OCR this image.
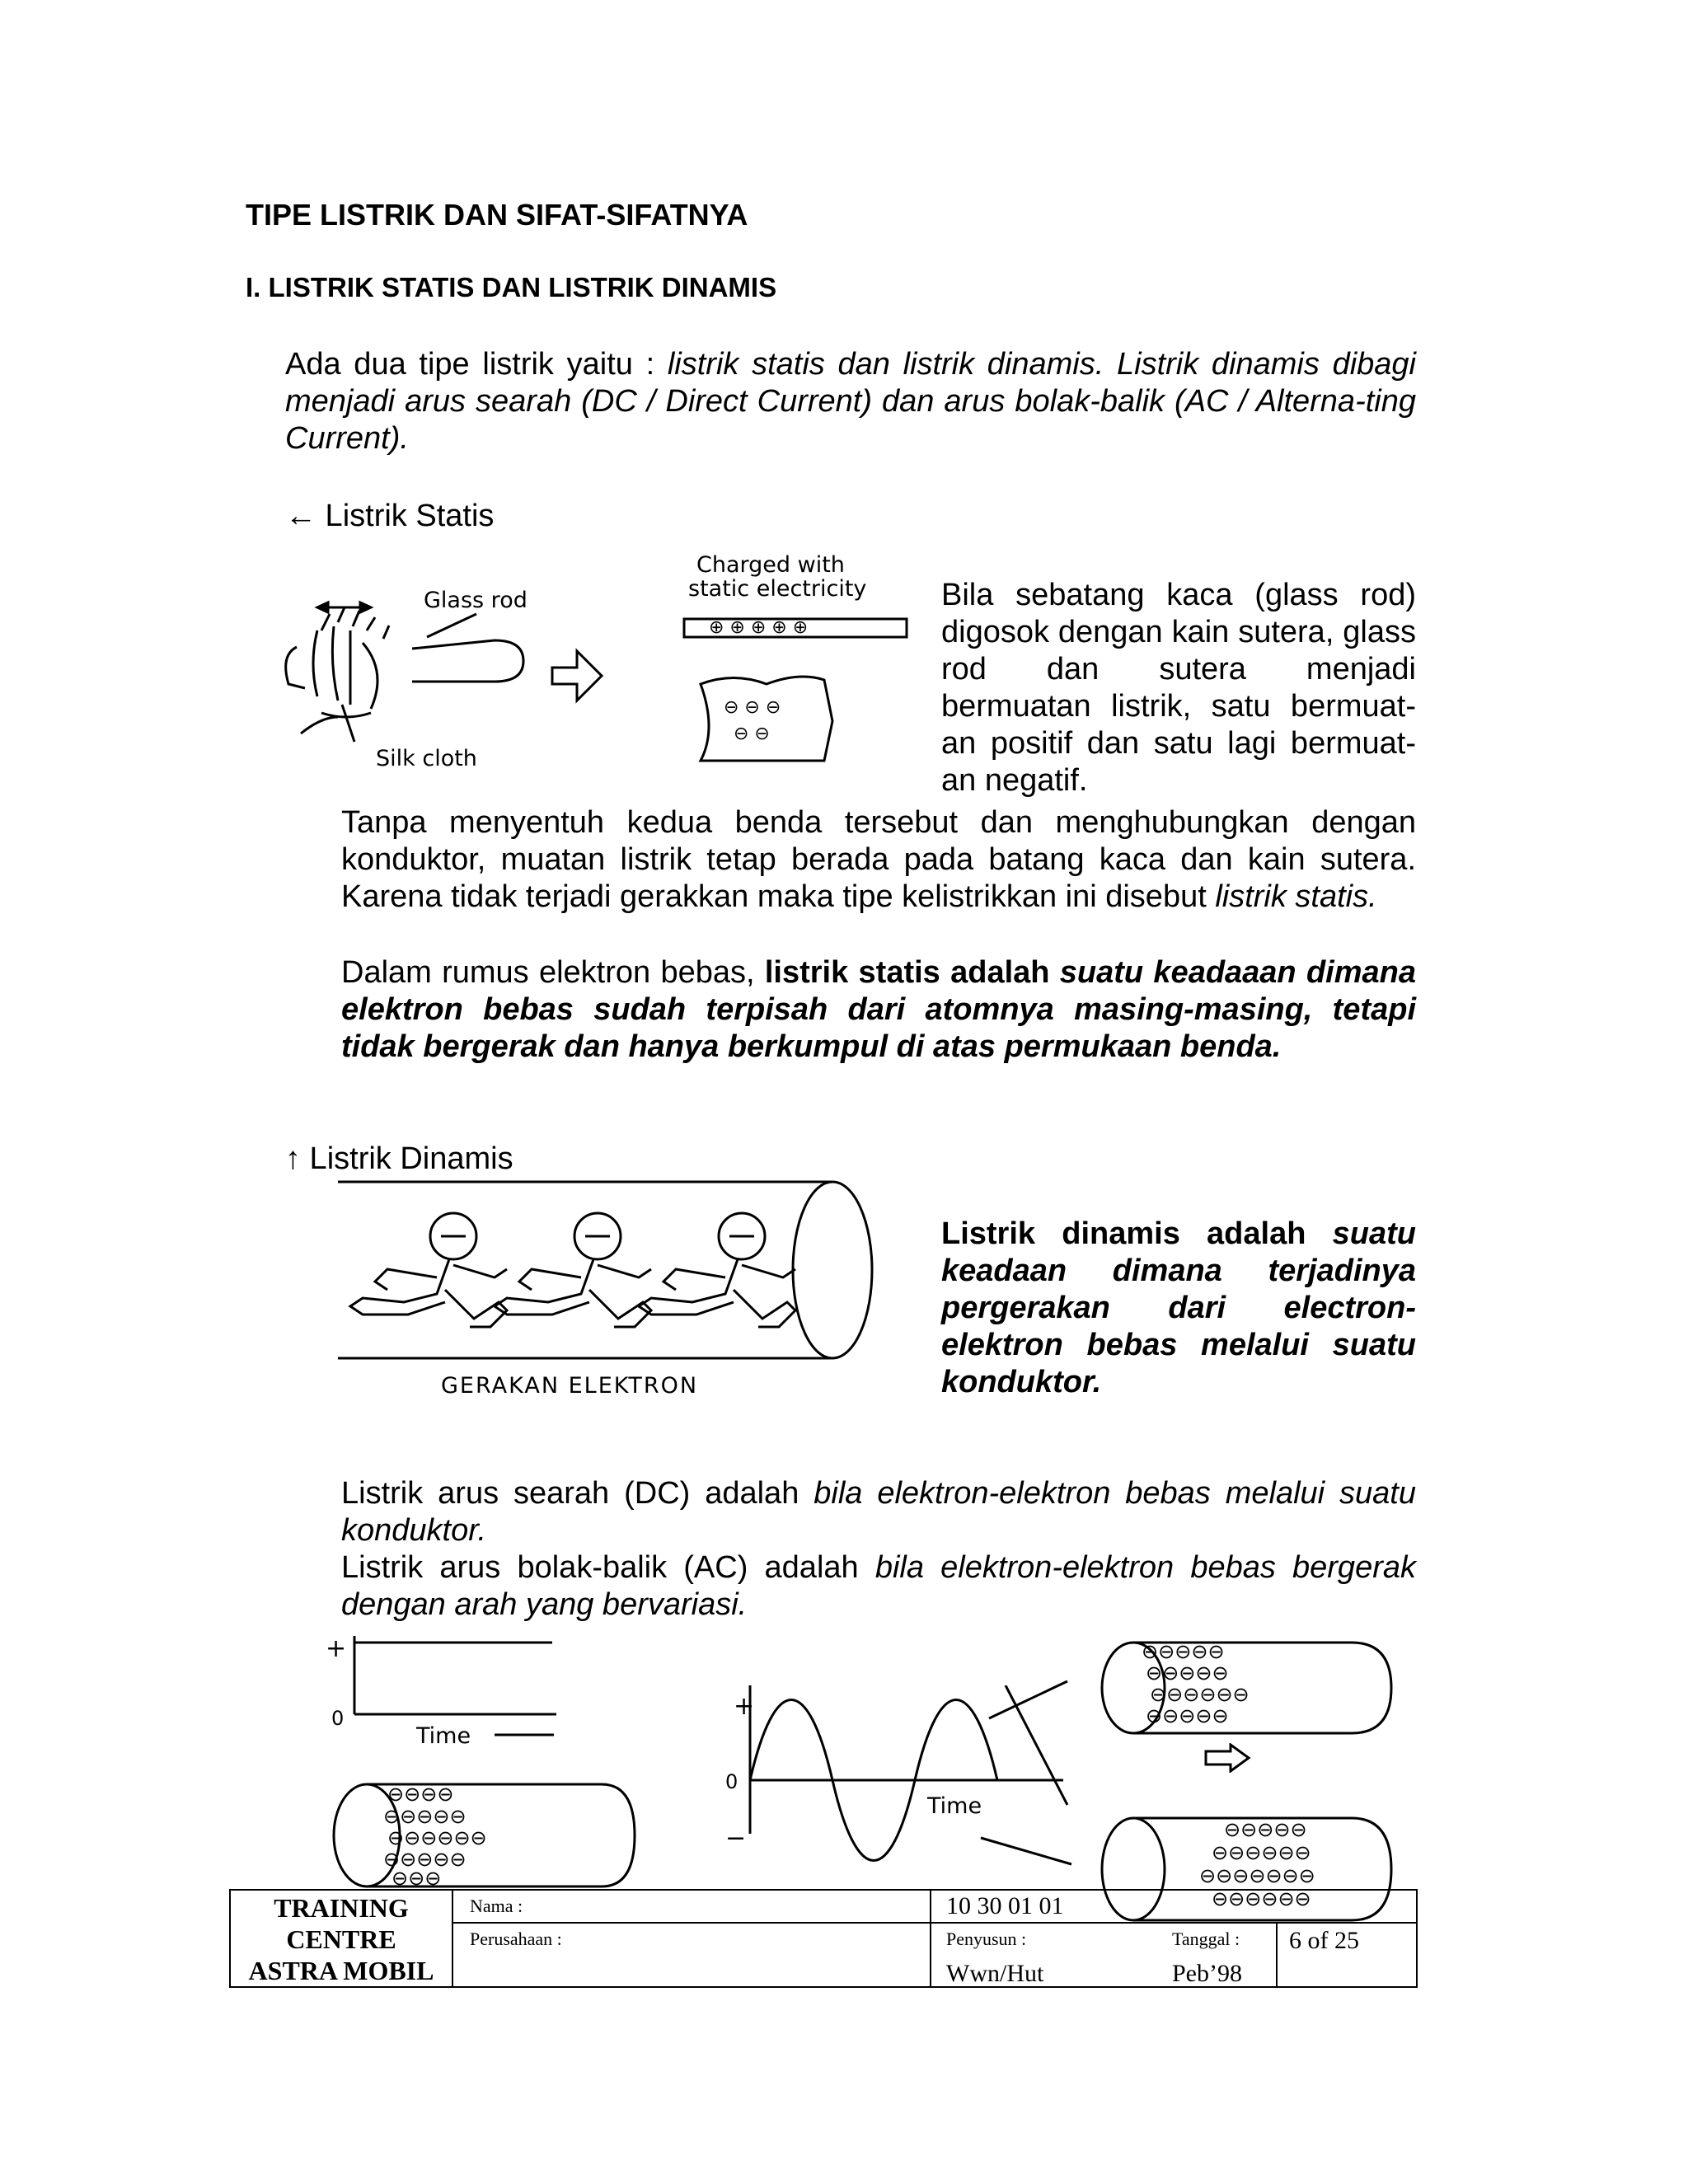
TIPE LISTRIK DAN SIFAT-SIFATNYA
I. LISTRIK STATIS DAN LISTRIK DINAMIS
Ada dua tipe listrik yaitu : listrik statis dan listrik dinamis. Listrik dinamis dibagi menjadi arus searah (DC / Direct Current) dan arus bolak-balik (AC / Alterna-ting Current).
← Listrik Statis
⊕ ⊕ ⊕ ⊕ ⊕
⊖ ⊖ ⊖
⊖ ⊖
Glass rod
Silk cloth
Charged with
static electricity Bila sebatang kaca (glass rod) digosok dengan kain sutera, glass rod dan sutera menjadi bermuatan listrik, satu bermuat-an positif dan satu lagi bermuat-an negatif.
Tanpa menyentuh kedua benda tersebut dan menghubungkan dengan konduktor, muatan listrik tetap berada pada batang kaca dan kain sutera. Karena tidak terjadi gerakkan maka tipe kelistrikkan ini disebut listrik statis.
Dalam rumus elektron bebas, listrik statis adalah suatu keadaaan dimana elektron bebas sudah terpisah dari atomnya masing-masing, tetapi tidak bergerak dan hanya berkumpul di atas permukaan benda.
↑ Listrik Dinamis
GERAKAN ELEKTRON
Listrik dinamis adalah suatu keadaan dimana terjadinya pergerakan dari electron-elektron bebas melalui suatu konduktor.
Listrik arus searah (DC) adalah bila elektron-elektron bebas melalui suatu konduktor.
Listrik arus bolak-balik (AC) adalah bila elektron-elektron bebas bergerak dengan arah yang bervariasi.
+
0
Time
⊖⊖⊖⊖
⊖⊖⊖⊖⊖
⊖⊖⊖⊖⊖⊖
⊖⊖⊖⊖⊖
⊖⊖⊖
+
0
−
Time
⊖⊖⊖⊖⊖
⊖⊖⊖⊖⊖
⊖⊖⊖⊖⊖⊖
⊖⊖⊖⊖⊖
⊖⊖⊖⊖⊖
⊖⊖⊖⊖⊖⊖
⊖⊖⊖⊖⊖⊖⊖
⊖⊖⊖⊖⊖⊖
TRAINING
CENTRE
ASTRA MOBIL
Nama :
Perusahaan :
10 30 01 01
Penyusun :
Wwn/Hut
Tanggal :
Peb’98
6 of 25
